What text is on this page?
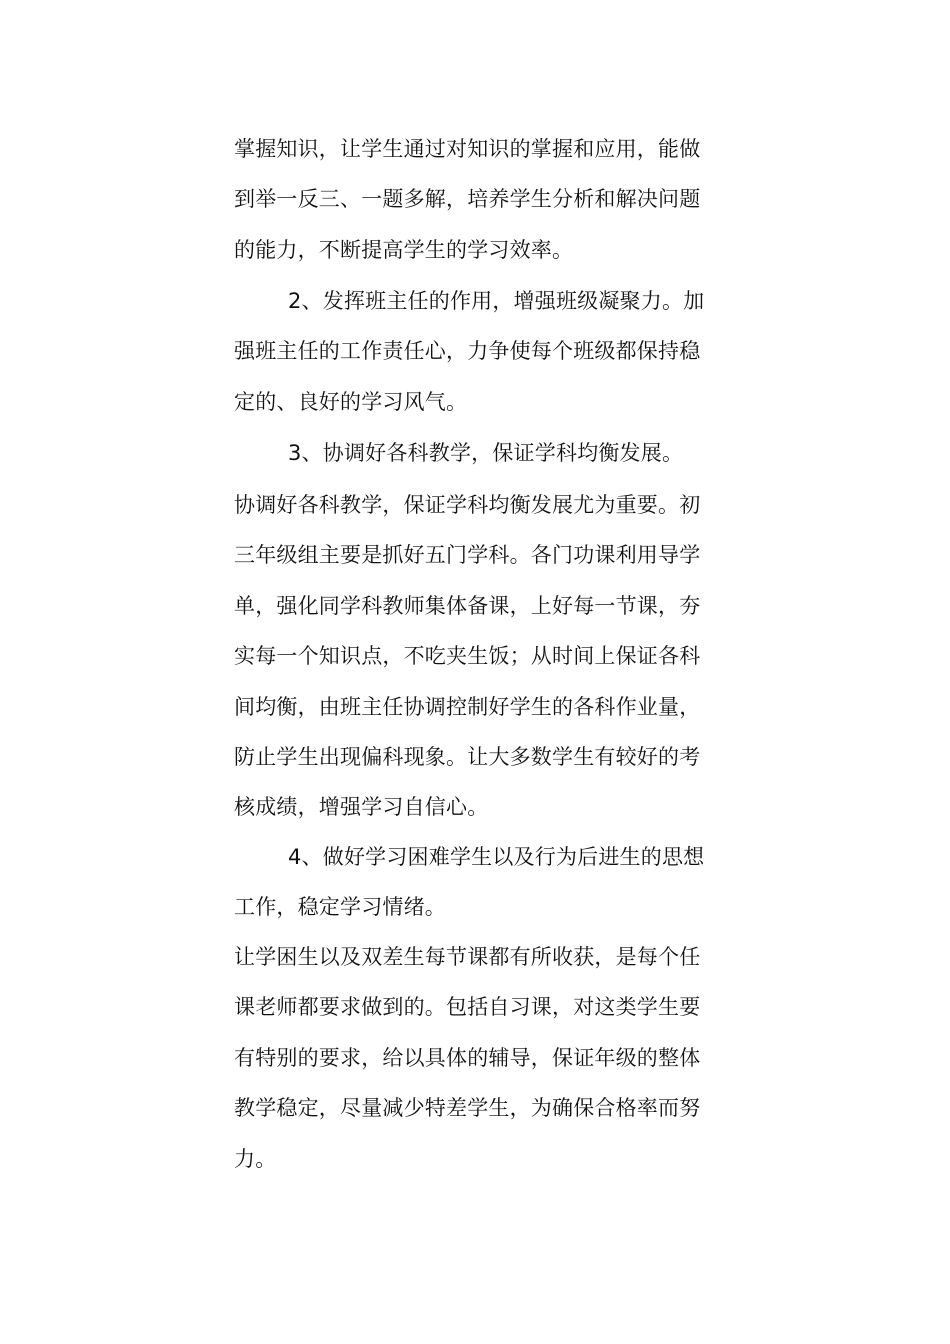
掌握知识，让学生通过对知识的掌握和应用，能做
到举一反三、一题多解，培养学生分析和解决问题
的能力，不断提高学生的学习效率。
2、发挥班主任的作用，增强班级凝聚力。加
强班主任的工作责任心，力争使每个班级都保持稳
定的、良好的学习风气。
3、协调好各科教学，保证学科均衡发展。
协调好各科教学，保证学科均衡发展尤为重要。初
三年级组主要是抓好五门学科。各门功课利用导学
单，强化同学科教师集体备课，上好每一节课，夯
实每一个知识点，不吃夹生饭；从时间上保证各科
间均衡，由班主任协调控制好学生的各科作业量，
防止学生出现偏科现象。让大多数学生有较好的考
核成绩，增强学习自信心。
4、做好学习困难学生以及行为后进生的思想
工作，稳定学习情绪。
让学困生以及双差生每节课都有所收获，是每个任
课老师都要求做到的。包括自习课，对这类学生要
有特别的要求，给以具体的辅导，保证年级的整体
教学稳定，尽量减少特差学生，为确保合格率而努
力。
